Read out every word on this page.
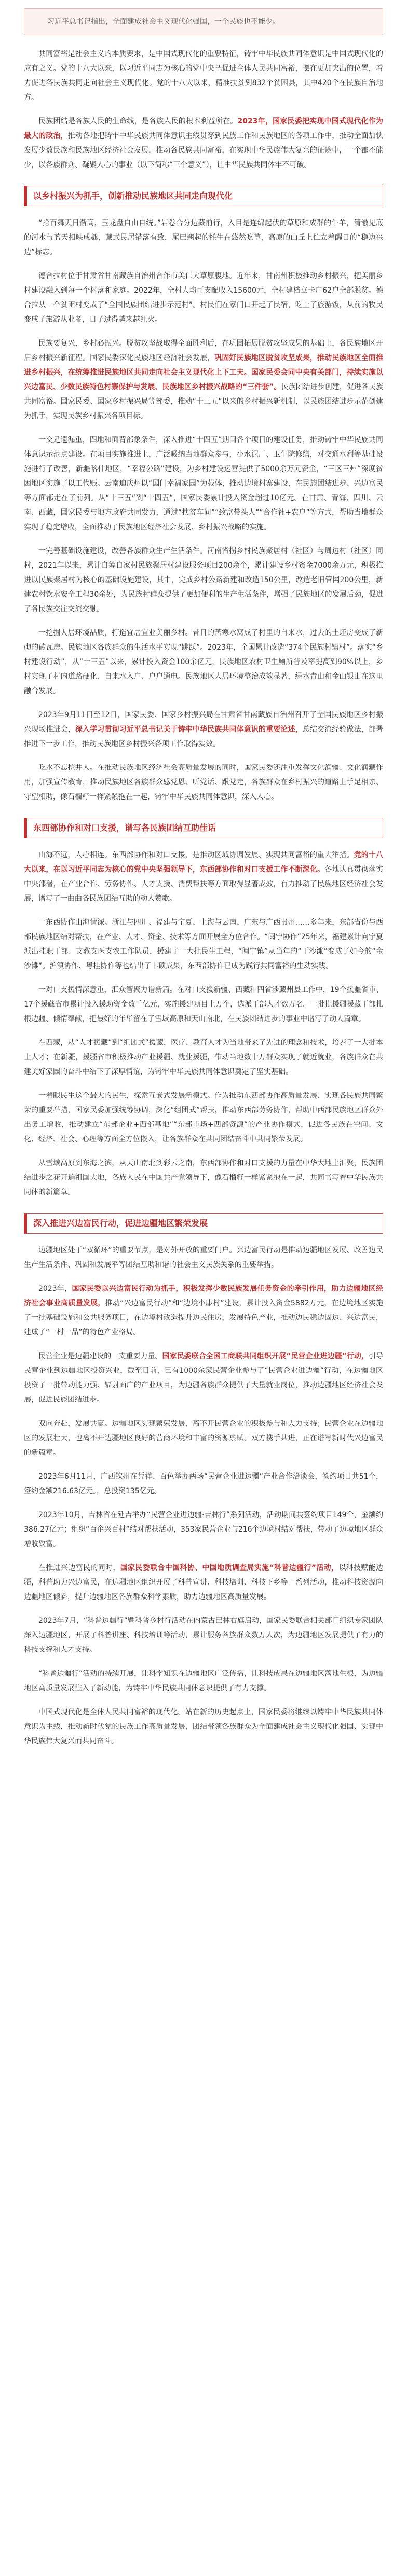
习近平总书记指出，全面建成社会主义现代化强国，一个民族也不能少。

共同富裕是社会主义的本质要求，是中国式现代化的重要特征，铸牢中华民族共同体意识是中国式现代化的应有之义。党的十八大以来，以习近平同志为核心的党中央把促进全体人民共同富裕，摆在更加突出的位置，着力促进各民族共同走向社会主义现代化。党的十八大以来，精准扶贫到832个贫困县，其中420个在民族自治地方。

民族团结是各族人民的生命线，是各族人民的根本利益所在。2023年，国家民委把实现中国式现代化作为最大的政治，推动各地把铸牢中华民族共同体意识主线贯穿到民族工作和民族地区的各项工作中，推动全面加快发展少数民族和民族地区经济社会发展，推动各民族共同富裕，在实现中华民族伟大复兴的征途中，一个都不能少，以各族群众、凝聚人心的事业（以下简称“三个意义”），让中华民族共同体牢不可破。

以乡村振兴为抓手，创新推动民族地区共同走向现代化

“捻百舞天日渐高，玉龙盘自由自统。”岩卷合分边藏前行，入目是连绵起伏的草原和成群的牛羊，清澈见底的河水与蓝天相映成趣，藏式民居错落有致，尾巴翘起的牦牛在悠然吃草，高原的山丘上伫立着醒目的“稳边兴边”标志。

德合拉村位于甘肃省甘南藏族自治州合作市美仁大草原腹地。近年来，甘南州积极推动乡村振兴，把美丽乡村建设融入到每一个村落和家庭。2022年，全村人均可支配收入15600元，全村建档立卡户62户全部脱贫。德合拉从一个贫困村变成了“全国民族团结进步示范村”。村民们在家门口开起了民宿，吃上了旅游饭，从前的牧民变成了旅游从业者，日子过得越来越红火。

民族要复兴，乡村必振兴。脱贫攻坚战取得全面胜利后，在巩固拓展脱贫攻坚成果的基础上，各民族地区开启乡村振兴新征程。国家民委深化民族地区经济社会发展，巩固好民族地区脱贫攻坚成果，推动民族地区全面推进乡村振兴，在统筹推进民族地区共同走向社会主义现代化上下工夫。国家民委会同中央有关部门，持续实施以兴边富民、少数民族特色村寨保护与发展、民族地区乡村振兴战略的“三件套”。民族团结进步创建，促进各民族共同富裕。国家民委、国家乡村振兴局等部委，推动“十三五”以来的乡村振兴新机制，以民族团结进步示范创建为抓手，实现民族乡村振兴各项目标。

一交足遗漏重，四地和面背部象条件，深入推进“十四五”期间各个项目的建设任务，推动铸牢中华民族共同体意识示范点建设。在项目实施推进上，广泛吸纳当地群众参与，小水泥厂、卫生院修缮，对交通水利等基础设施进行了改善，新疆喀什地区，“幸福公路”建设，为乡村建设运营提供了5000余万元资金，“三区三州”深度贫困地区实施了以工代赈。云南迪庆州以“国门幸福家园”为载体，推动边境村寨建设，在民族团结进步、兴边富民等方面都走在了前列。从“十三五”到“十四五”，国家民委累计投入资金超过10亿元。在甘肃、青海、四川、云南、西藏，国家民委与地方政府共同发力，通过“扶贫车间”“致富带头人”“合作社+农户”等方式，帮助当地群众实现了稳定增收，全面推动了民族地区经济社会发展、乡村振兴战略的实施。

一完善基础设施建设，改善各族群众生产生活条件。河南省拐乡村民族聚居村（社区）与周边村（社区）同村，2021年以来，累计自筹自家村民族聚居村建设服务项目200余个，累计建设乡村资金7000余万元，积极推进以民族聚居村为核心的基础设施建设，其中，完成乡村公路新建和改造150公里，改造老旧管网200公里，新建农村饮水安全工程30余处，为民族村群众提供了更加便利的生产生活条件，增强了民族地区的发展后劲，促进了各民族交往交流交融。

一挖掘人居环境品质，打造宜居宜业美丽乡村。昔日的苦寒水窝成了村里的自来水，过去的土坯房变成了新砌的砖瓦房。民族地区各族群众的生活水平实现“跳跃”。2023年，全国累计改造“374个民族村镇村”。落实“乡村建设行动”，从“十三五”以来，累计投入资金100余亿元，民族地区农村卫生厕所普及率提高到90%以上，乡村实现了村内道路硬化、自来水入户、户户通电。民族地区人居环境整治成效显著，绿水青山和金山银山在这里融合发展。

2023年9月11日至12日，国家民委、国家乡村振兴局在甘肃省甘南藏族自治州召开了全国民族地区乡村振兴现场推进会，深入学习贯彻习近平总书记关于铸牢中华民族共同体意识的重要论述，总结交流经验做法，部署推进下一步工作，推动民族地区乡村振兴各项工作取得实效。

吃水不忘挖井人。在推动民族地区经济社会高质量发展的同时，国家民委还注重发挥文化润疆、文化润藏作用，加强宣传教育，推动民族地区各族群众感党恩、听党话、跟党走，各族群众在乡村振兴的道路上手足相亲、守望相助，像石榴籽一样紧紧抱在一起，铸牢中华民族共同体意识，深入人心。

东西部协作和对口支援，谱写各民族团结互助佳话

山海不远，人心相连。东西部协作和对口支援，是推动区域协调发展、实现共同富裕的重大举措。党的十八大以来，在以习近平同志为核心的党中央坚强领导下，东西部协作和对口支援工作不断深化。各地认真贯彻落实中央部署，在产业合作、劳务协作、人才支援、消费帮扶等方面取得显著成效，有力推动了民族地区经济社会发展，谱写了一曲曲各民族团结互助的动人赞歌。

一东西协作山海情深。浙江与四川、福建与宁夏、上海与云南、广东与广西贵州……多年来，东部省份与西部民族地区结对帮扶，在产业、人才、资金、技术等方面开展全方位合作。“闽宁协作”25年来，福建累计向宁夏派出挂职干部、支教支医支农工作队员，援建了一大批民生工程，“闽宁镇”从当年的“干沙滩”变成了如今的“金沙滩”。沪滇协作、粤桂协作等也结出了丰硕成果，东西部协作已成为践行共同富裕的生动实践。

一对口支援情深意重，汇众智聚力谱新篇。在对口支援新疆、西藏和四省涉藏州县工作中，19个援疆省市、17个援藏省市累计投入援助资金数千亿元，实施援建项目上万个，选派干部人才数万名。一批批援疆援藏干部扎根边疆、倾情奉献，把最好的年华留在了雪域高原和天山南北，在民族团结进步的事业中谱写了动人篇章。

在西藏，从“人才援藏”到“组团式”援藏，医疗、教育人才为当地带来了先进的理念和技术，培养了一大批本土人才；在新疆，援疆省市积极推动产业援疆、就业援疆，带动当地数十万群众实现了就近就业，各族群众在共建美好家园的奋斗中结下了深厚情谊，为铸牢中华民族共同体意识奠定了坚实基础。

一着眼民生这个最大的民生，探索互嵌式发展新模式。作为推动东西部协作高质量发展、实现各民族共同繁荣的重要举措，国家民委加强统筹协调，深化“组团式”帮扶，推动东西部劳务协作，帮助中西部民族地区群众外出务工增收，推动建立“东部企业+西部基地”“东部市场+西部资源”的产业协作模式，促进各民族在空间、文化、经济、社会、心理等方面全方位嵌入，让各族群众在共同团结奋斗中共同繁荣发展。

从雪域高原到东海之滨，从天山南北到彩云之南，东西部协作和对口支援的力量在中华大地上汇聚，民族团结进步之花开遍祖国大地，各族人民在中国共产党领导下，像石榴籽一样紧紧抱在一起，共同书写着中华民族共同体的新篇章。

深入推进兴边富民行动，促进边疆地区繁荣发展

边疆地区处于“双循环”的重要节点，是对外开放的重要门户。兴边富民行动是推动边疆地区发展、改善边民生产生活条件、巩固和发展平等团结互助和谐的社会主义民族关系的重要举措。

2023年，国家民委以兴边富民行动为抓手，积极发挥少数民族发展任务资金的牵引作用，助力边疆地区经济社会事业高质量发展，推动“兴边富民行动”和“边境小康村”建设，累计投入资金5882万元，在边境地区实施了一批基础设施和公共服务项目，在边境村改造提升边民住房，发展特色产业，推动边民稳边固边、兴边富民，建成了“一村一品”的特色产业格局。

民营企业是边疆建设的一支重要力量。国家民委联合全国工商联共同组织开展“民营企业进边疆”行动，引导民营企业到边疆地区投资兴业，截至目前，已有1000余家民营企业参与了“民营企业进边疆”行动，在边疆地区投资了一批带动能力强、辐射面广的产业项目，为边疆各族群众提供了大量就业岗位，推动边疆地区经济社会发展，促进民族团结进步。

双向奔赴，发展共赢。边疆地区实现繁荣发展，离不开民营企业的积极参与和大力支持；民营企业在边疆地区的发展壮大，也离不开边疆地区良好的营商环境和丰富的资源禀赋。双方携手共进，正在谱写新时代兴边富民的新篇章。

2023年6月11月，广西钦州在凭祥、百色举办两场“民营企业进边疆”产业合作洽谈会，签约项目共51个，签约金额216.63亿元。，总投资135亿元。

2023年10月，吉林省在延吉举办“民营企业进边疆·吉林行”系列活动，活动期间共签约项目149个，金额约386.27亿元；组织“百企兴百村”结对帮扶活动，353家民营企业与216个边境村结对帮扶，带动了边境地区群众增收致富。

在推进兴边富民的同时，国家民委联合中国科协、中国地质调查局实施“科普边疆行”活动，以科技赋能边疆，科普助力兴边富民，在边疆地区组织开展了科普宣讲、科技培训、科技下乡等一系列活动，推动科技资源向边疆地区倾斜，提升边疆地区各族群众科学素质，助力边疆地区高质量发展。

2023年7月，“科普边疆行”暨科普乡村行活动在内蒙古巴林右旗启动，国家民委联合相关部门组织专家团队深入边疆地区，开展了科普讲座、科技培训等活动，累计服务各族群众数万人次，为边疆地区发展提供了有力的科技支撑和人才支持。

“科普边疆行”活动的持续开展，让科学知识在边疆地区广泛传播，让科技成果在边疆地区落地生根，为边疆地区高质量发展注入了新动能，为铸牢中华民族共同体意识提供了有力支撑。

中国式现代化是全体人民共同富裕的现代化。站在新的历史起点上，国家民委将继续以铸牢中华民族共同体意识为主线，推动新时代党的民族工作高质量发展，团结带领各族群众为全面建成社会主义现代化强国、实现中华民族伟大复兴而共同奋斗。
